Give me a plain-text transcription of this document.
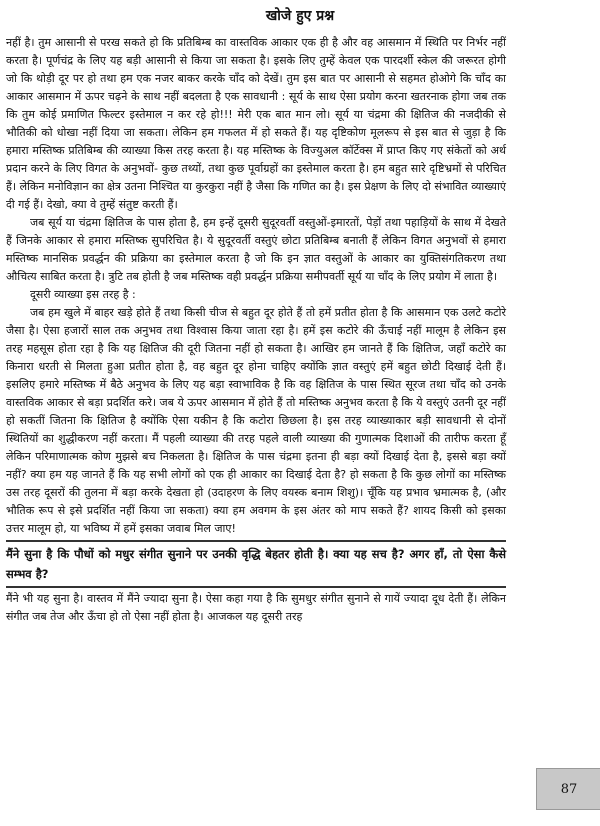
खोजे हुए प्रश्न

नहीं है। तुम आसानी से परख सकते हो कि प्रतिबिम्ब का वास्तविक आकार एक ही है और वह आसमान में स्थिति पर निर्भर नहीं करता है। पूर्णचंद्र के लिए यह बड़ी आसानी से किया जा सकता है। इसके लिए तुम्हें केवल एक पारदर्शी स्केल की जरूरत होगी जो कि थोड़ी दूर पर हो तथा हम एक नजर बाकर करके चाँद को देखें। तुम इस बात पर आसानी से सहमत होओगे कि चाँद का आकार आसमान में ऊपर चढ़ने के साथ नहीं बदलता है एक सावधानी : सूर्य के साथ ऐसा प्रयोग करना खतरनाक होगा जब तक कि तुम कोई प्रमाणित फिल्टर इस्तेमाल न कर रहे हो!!! मेरी एक बात मान लो। सूर्य या चंद्रमा की क्षितिज की नजदीकी से भौतिकी को धोखा नहीं दिया जा सकता। लेकिन हम गफलत में हो सकते हैं। यह दृष्टिकोण मूलरूप से इस बात से जुड़ा है कि हमारा मस्तिष्क प्रतिबिम्ब की व्याख्या किस तरह करता है। यह मस्तिष्क के विज्युअल कॉर्टेक्स में प्राप्त किए गए संकेतों को अर्थ प्रदान करने के लिए विगत के अनुभवों- कुछ तथ्यों, तथा कुछ पूर्वाग्रहों का इस्तेमाल करता है। हम बहुत सारे दृष्टिभ्रमों से परिचित हैं। लेकिन मनोविज्ञान का क्षेत्र उतना निश्चित या कुरकुरा नहीं है जैसा कि गणित का है। इस प्रेक्षण के लिए दो संभावित व्याख्याएं दी गई हैं। देखो, क्या वे तुम्हें संतुष्ट करती हैं।

जब सूर्य या चंद्रमा क्षितिज के पास होता है, हम इन्हें दूसरी सुदूरवर्ती वस्तुओं-इमारतों, पेड़ों तथा पहाड़ियों के साथ में देखते हैं जिनके आकार से हमारा मस्तिष्क सुपरिचित है। ये सुदूरवर्ती वस्तुएं छोटा प्रतिबिम्ब बनाती हैं लेकिन विगत अनुभवों से हमारा मस्तिष्क मानसिक प्रवर्द्धन की प्रक्रिया का इस्तेमाल करता है जो कि इन ज्ञात वस्तुओं के आकार का युक्तिसंगतिकरण तथा औचित्य साबित करता है। त्रुटि तब होती है जब मस्तिष्क वही प्रवर्द्धन प्रक्रिया समीपवर्ती सूर्य या चाँद के लिए प्रयोग में लाता है।

दूसरी व्याख्या इस तरह है :

जब हम खुले में बाहर खड़े होते हैं तथा किसी चीज से बहुत दूर होते हैं तो हमें प्रतीत होता है कि आसमान एक उलटे कटोरे जैसा है। ऐसा हजारों साल तक अनुभव तथा विश्वास किया जाता रहा है। हमें इस कटोरे की ऊँचाई नहीं मालूम है लेकिन इस तरह महसूस होता रहा है कि यह क्षितिज की दूरी जितना नहीं हो सकता है। आखिर हम जानते हैं कि क्षितिज, जहाँ कटोरे का किनारा धरती से मिलता हुआ प्रतीत होता है, वह बहुत दूर होना चाहिए क्योंकि ज्ञात वस्तुएं हमें बहुत छोटी दिखाई देती हैं। इसलिए हमारे मस्तिष्क में बैठे अनुभव के लिए यह बड़ा स्वाभाविक है कि वह क्षितिज के पास स्थित सूरज तथा चाँद को उनके वास्तविक आकार से बड़ा प्रदर्शित करे। जब ये ऊपर आसमान में होते हैं तो मस्तिष्क अनुभव करता है कि ये वस्तुएं उतनी दूर नहीं हो सकतीं जितना कि क्षितिज है क्योंकि ऐसा यकीन है कि कटोरा छिछला है। इस तरह व्याख्याकार बड़ी सावधानी से दोनों स्थितियों का शुद्धीकरण नहीं करता। मैं पहली व्याख्या की तरह पहले वाली व्याख्या की गुणात्मक दिशाओं की तारीफ करता हूँ लेकिन परिमाणात्मक कोण मुझसे बच निकलता है। क्षितिज के पास चंद्रमा इतना ही बड़ा क्यों दिखाई देता है, इससे बड़ा क्यों नहीं? क्या हम यह जानते हैं कि यह सभी लोगों को एक ही आकार का दिखाई देता है? हो सकता है कि कुछ लोगों का मस्तिष्क उस तरह दूसरों की तुलना में बड़ा करके देखता हो (उदाहरण के लिए वयस्क बनाम शिशु)। चूँकि यह प्रभाव भ्रमात्मक है, (और भौतिक रूप से इसे प्रदर्शित नहीं किया जा सकता) क्या हम अवगम के इस अंतर को माप सकते हैं? शायद किसी को इसका उत्तर मालूम हो, या भविष्य में हमें इसका जवाब मिल जाए!

मैंने सुना है कि पौधों को मधुर संगीत सुनाने पर उनकी वृद्धि बेहतर होती है। क्या यह सच है? अगर हाँ, तो ऐसा कैसे सम्भव है?

मैंने भी यह सुना है। वास्तव में मैंने ज्यादा सुना है। ऐसा कहा गया है कि सुमधुर संगीत सुनाने से गायें ज्यादा दूध देती हैं। लेकिन संगीत जब तेज और ऊँचा हो तो ऐसा नहीं होता है। आजकल यह दूसरी तरह

87
